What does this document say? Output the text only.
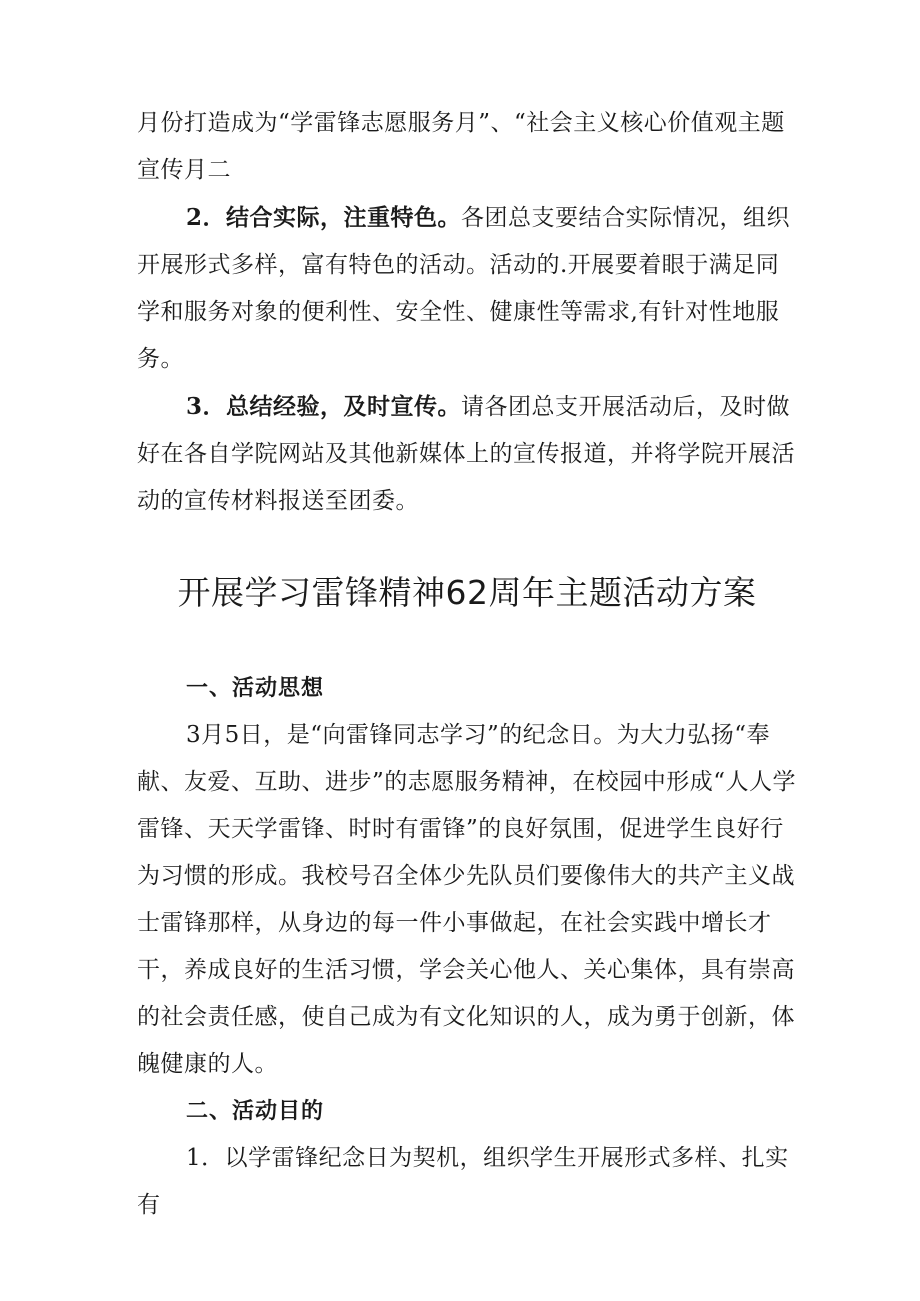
月份打造成为“学雷锋志愿服务月”、“社会主义核心价值观主题宣传月二

2．结合实际，注重特色。各团总支要结合实际情况，组织开展形式多样，富有特色的活动。活动的.开展要着眼于满足同学和服务对象的便利性、安全性、健康性等需求,有针对性地服务。

3．总结经验，及时宣传。请各团总支开展活动后，及时做好在各自学院网站及其他新媒体上的宣传报道，并将学院开展活动的宣传材料报送至团委。

开展学习雷锋精神62周年主题活动方案
一、活动思想

3月5日，是“向雷锋同志学习”的纪念日。为大力弘扬“奉献、友爱、互助、进步”的志愿服务精神，在校园中形成“人人学雷锋、天天学雷锋、时时有雷锋”的良好氛围，促进学生良好行为习惯的形成。我校号召全体少先队员们要像伟大的共产主义战士雷锋那样，从身边的每一件小事做起，在社会实践中增长才干，养成良好的生活习惯，学会关心他人、关心集体，具有崇高的社会责任感，使自己成为有文化知识的人，成为勇于创新，体魄健康的人。

二、活动目的

1．以学雷锋纪念日为契机，组织学生开展形式多样、扎实有
